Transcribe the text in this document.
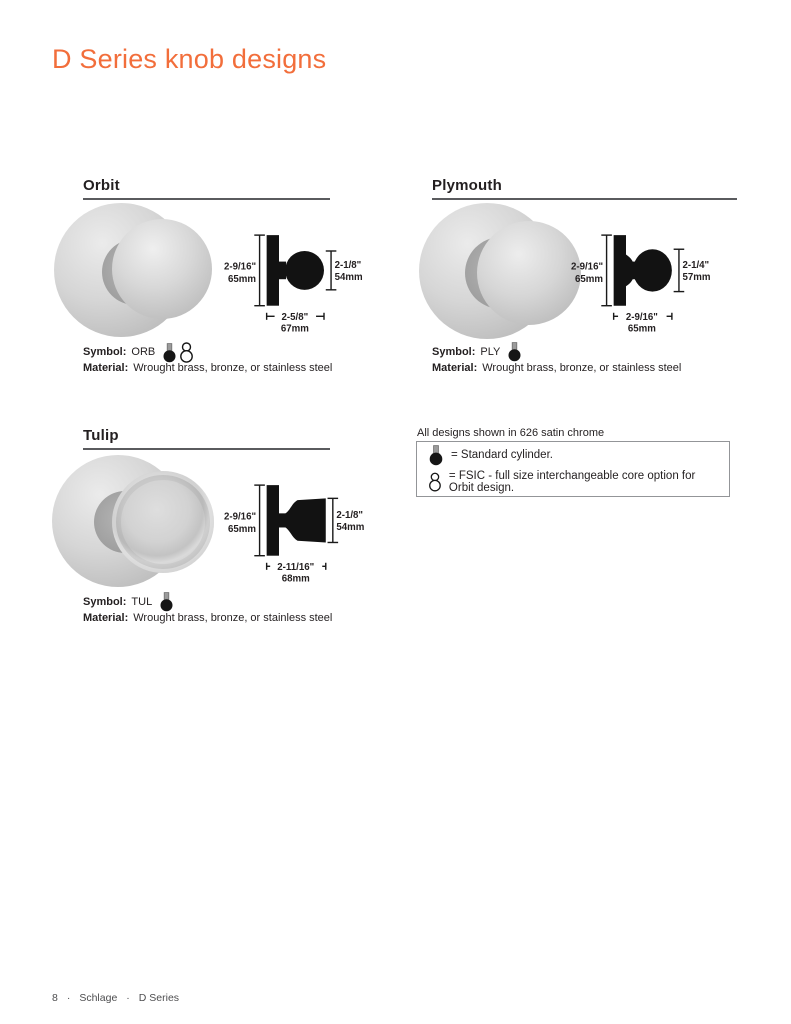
D Series knob designs
Orbit
2-9/16"
65mm
2-1/8"
54mm
2-5/8"
67mm
Symbol: ORB
Material: Wrought brass, bronze, or stainless steel
Plymouth
2-9/16"
65mm
2-1/4"
57mm
2-9/16"
65mm
Symbol: PLY
Material: Wrought brass, bronze, or stainless steel
Tulip
2-9/16"
65mm
2-1/8"
54mm
2-11/16"
68mm
Symbol: TUL
Material: Wrought brass, bronze, or stainless steel
All designs shown in 626 satin chrome
= Standard cylinder.
= FSIC - full size interchangeable core option for Orbit design.
8 · Schlage · D Series
